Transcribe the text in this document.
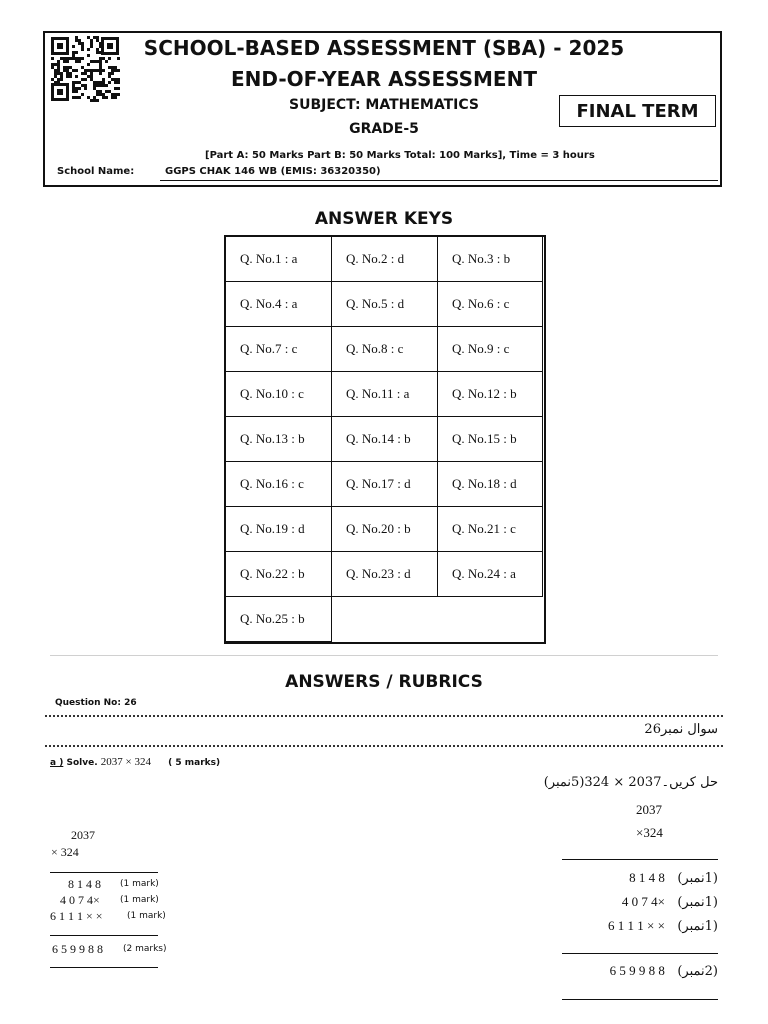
SCHOOL-BASED ASSESSMENT (SBA) - 2025
END-OF-YEAR ASSESSMENT
SUBJECT: MATHEMATICS
GRADE-5
FINAL TERM
[Part A: 50 Marks Part B: 50 Marks Total: 100 Marks], Time = 3 hours
School Name:	GGPS CHAK 146 WB (EMIS: 36320350)
ANSWER KEYS
Q. No.1 : a	Q. No.2 : d	Q. No.3 : b
Q. No.4 : a	Q. No.5 : d	Q. No.6 : c
Q. No.7 : c	Q. No.8 : c	Q. No.9 : c
Q. No.10 : c	Q. No.11 : a	Q. No.12 : b
Q. No.13 : b	Q. No.14 : b	Q. No.15 : b
Q. No.16 : c	Q. No.17 : d	Q. No.18 : d
Q. No.19 : d	Q. No.20 : b	Q. No.21 : c
Q. No.22 : b	Q. No.23 : d	Q. No.24 : a
Q. No.25 : b
ANSWERS / RUBRICS
Question No: 26
سوال نمبر26
a ) Solve. 2037 × 324 ( 5 marks)
2037
× 324
8 1 4 8 (1 mark)
4 0 7 4× (1 mark)
6 1 1 1 × ×	(1 mark)
6 5 9 9 8 8 (2 marks)
حل کریں۔2037 × 324(5نمبر)
2037
×324
(1نمبر)   8 1 4 8
(1نمبر)   4 0 7 4×
(1نمبر)   6 1 1 1 × ×
(2نمبر)   6 5 9 9 8 8
